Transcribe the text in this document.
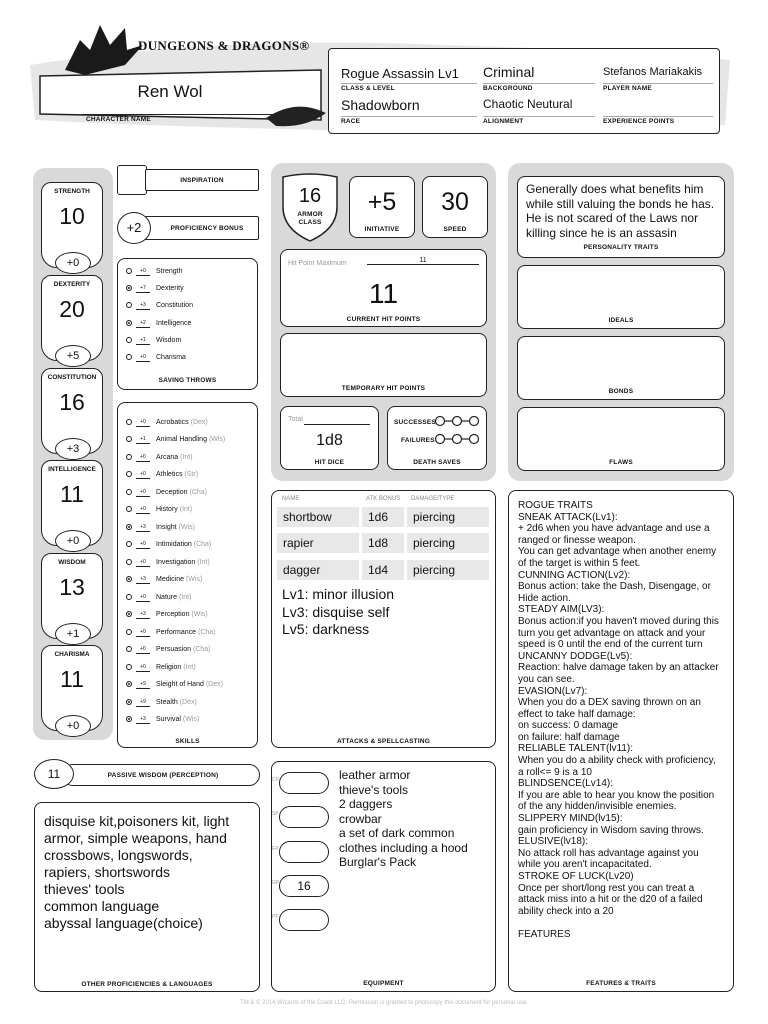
DUNGEONS & DRAGONS®
Ren Wol
CHARACTER NAME
Rogue Assassin Lv1
CLASS & LEVEL
Criminal
BACKGROUND
Stefanos Mariakakis
PLAYER NAME
Shadowborn
RACE
Chaotic Neutural
ALIGNMENT	EXPERIENCE POINTS
STRENGTH
10
+0
DEXTERITY
20
+5
CONSTITUTION
16
+3
INTELLIGENCE
11
+0
WISDOM
13
+1
CHARISMA
11
+0
INSPIRATION
+2	PROFICIENCY BONUS
+0 Strength
+7 Dexterity
+3 Constitution
+2 Intelligence
+1 Wisdom
+0 Charisma
SAVING THROWS
+0 Acrobatics (Dex)
+1 Animal Handling (Wis)
+0 Arcana (Int)
+0 Athletics (Str)
+0 Deception (Cha)
+0 History (Int)
+3 Insight (Wis)
+0 Intimidation (Cha)
+0 Investigation (Int)
+3 Medicine (Wis)
+0 Nature (Int)
+3 Perception (Wis)
+0 Performance (Cha)
+0 Persuasion (Cha)
+0 Religion (Int)
+9 Sleight of Hand (Dex)
+9 Stealth (Dex)
+3 Survival (Wis)
SKILLS
11	PASSIVE WISDOM (PERCEPTION)
disquise kit,poisoners kit, light
armor, simple weapons, hand
crossbows, longswords,
rapiers, shortswords
thieves' tools
common language
abyssal language(choice)
OTHER PROFICIENCIES & LANGUAGES
16
ARMOR CLASS
+5
INITIATIVE
30
SPEED
Hit Point Maximum	11
11
CURRENT HIT POINTS
TEMPORARY HIT POINTS
Total
1d8
HIT DICE
SUCCESSES
FAILURES
DEATH SAVES
NAME	ATK BONUS DAMAGE/TYPE
shortbow	1d6	piercing
rapier	1d8	piercing
dagger	1d4	piercing
Lv1: minor illusion
Lv3: disquise self
Lv5: darkness
ATTACKS & SPELLCASTING
CP
SP
EP
GP	16
PP
leather armor
thieve's tools
2 daggers
crowbar
a set of dark common
clothes including a hood
Burglar's Pack
EQUIPMENT
Generally does what benefits him while still valuing the bonds he has. He is not scared of the Laws nor killing since he is an assasin
PERSONALITY TRAITS
IDEALS
BONDS
FLAWS
ROGUE TRAITS
SNEAK ATTACK(Lv1):
+ 2d6 when you have advantage and use a
ranged or finesse weapon.
You can get advantage when another enemy
of the target is within 5 feet.
CUNNING ACTION(Lv2):
Bonus action: take the Dash, Disengage, or
Hide action.
STEADY AIM(LV3):
Bonus action:if you haven't moved during this
turn you get advantage on attack and your
speed is 0 until the end of the current turn
UNCANNY DODGE(Lv5):
Reaction: halve damage taken by an attacker
you can see.
EVASION(Lv7):
When you do a DEX saving thrown on an
effect to take half damage:
on success: 0 damage
on failure: half damage
RELIABLE TALENT(lv11):
When you do a ability check with proficiency,
a roll<= 9 is a 10
BLINDSENCE(Lv14):
If you are able to hear you know the position
of the any hidden/invisible enemies.
SLIPPERY MIND(lv15):
gain proficiency in Wisdom saving throws.
ELUSIVE(lv18):
No attack roll has advantage against you
while you aren't incapacitated.
STROKE OF LUCK(Lv20)
Once per short/long rest you can treat a
attack miss into a hit or the d20 of a failed
ability check into a 20
FEATURES
FEATURES & TRAITS
TM & © 2014 Wizards of the Coast LLC. Permission is granted to photocopy this document for personal use.
